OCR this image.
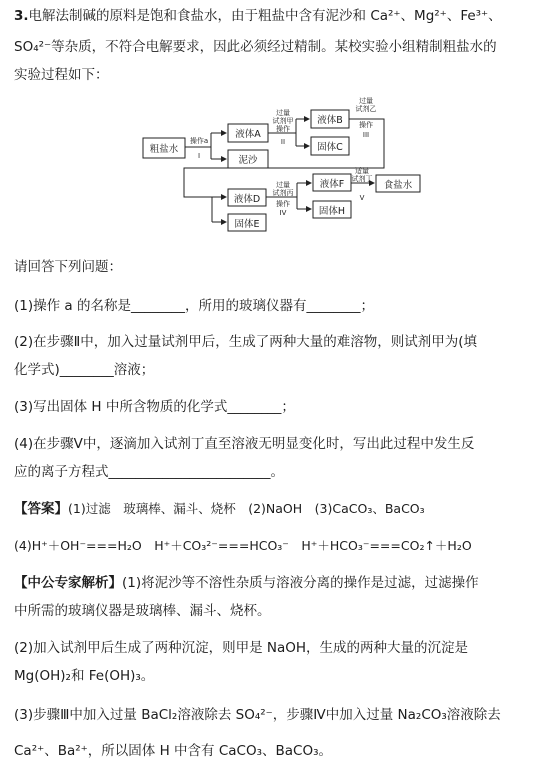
3.电解法制碱的原料是饱和食盐水，由于粗盐中含有泥沙和 Ca²⁺、Mg²⁺、Fe³⁺、
SO₄²⁻等杂质，不符合电解要求，因此必须经过精制。某校实验小组精制粗盐水的
实验过程如下：
粗盐水
操作a
I
液体A
泥沙
过量
试剂甲
操作
II
液体B
固体C
过量
试剂乙
操作
III
液体D
固体E
过量
试剂丙
操作
IV
液体F
固体H
适量
试剂丁
V
食盐水
请回答下列问题：
(1)操作 a 的名称是________，所用的玻璃仪器有________；
(2)在步骤Ⅱ中，加入过量试剂甲后，生成了两种大量的难溶物，则试剂甲为(填
化学式)________溶液；
(3)写出固体 H 中所含物质的化学式________；
(4)在步骤Ⅴ中，逐滴加入试剂丁直至溶液无明显变化时，写出此过程中发生反
应的离子方程式________________________。
【答案】(1)过滤　玻璃棒、漏斗、烧杯　(2)NaOH　(3)CaCO₃、BaCO₃
(4)H⁺＋OH⁻===H₂O　H⁺＋CO₃²⁻===HCO₃⁻　H⁺＋HCO₃⁻===CO₂↑＋H₂O
【中公专家解析】(1)将泥沙等不溶性杂质与溶液分离的操作是过滤，过滤操作
中所需的玻璃仪器是玻璃棒、漏斗、烧杯。
(2)加入试剂甲后生成了两种沉淀，则甲是 NaOH，生成的两种大量的沉淀是
Mg(OH)₂和 Fe(OH)₃。
(3)步骤Ⅲ中加入过量 BaCl₂溶液除去 SO₄²⁻，步骤Ⅳ中加入过量 Na₂CO₃溶液除去
Ca²⁺、Ba²⁺，所以固体 H 中含有 CaCO₃、BaCO₃。
